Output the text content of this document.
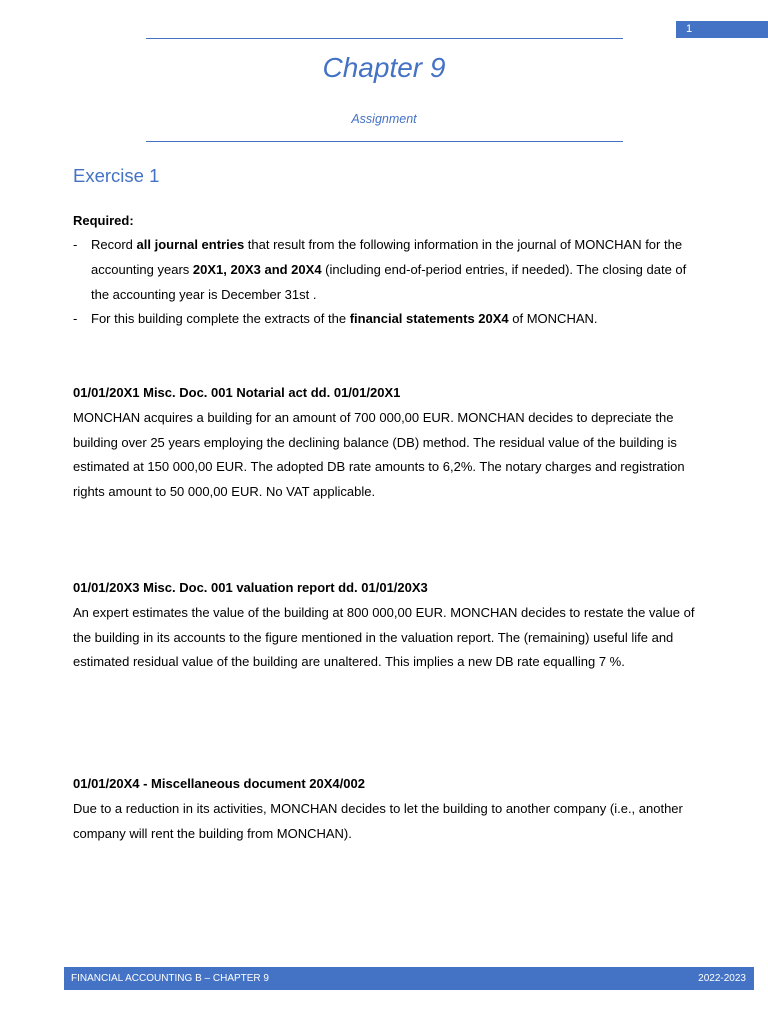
1
Chapter 9
Assignment
Exercise 1
Required:
- Record all journal entries that result from the following information in the journal of MONCHAN for the accounting years 20X1, 20X3 and 20X4 (including end-of-period entries, if needed). The closing date of the accounting year is December 31st .
- For this building complete the extracts of the financial statements 20X4 of MONCHAN.
01/01/20X1 Misc. Doc. 001 Notarial act dd. 01/01/20X1
MONCHAN acquires a building for an amount of 700 000,00 EUR. MONCHAN decides to depreciate the building over 25 years employing the declining balance (DB) method. The residual value of the building is estimated at 150 000,00 EUR. The adopted DB rate amounts to 6,2%. The notary charges and registration rights amount to 50 000,00 EUR. No VAT applicable.
01/01/20X3 Misc. Doc. 001 valuation report dd. 01/01/20X3
An expert estimates the value of the building at 800 000,00 EUR. MONCHAN decides to restate the value of the building in its accounts to the figure mentioned in the valuation report. The (remaining) useful life and estimated residual value of the building are unaltered. This implies a new DB rate equalling 7 %.
01/01/20X4 - Miscellaneous document 20X4/002
Due to a reduction in its activities, MONCHAN decides to let the building to another company (i.e., another company will rent the building from MONCHAN).
FINANCIAL ACCOUNTING B – CHAPTER 9	2022-2023
